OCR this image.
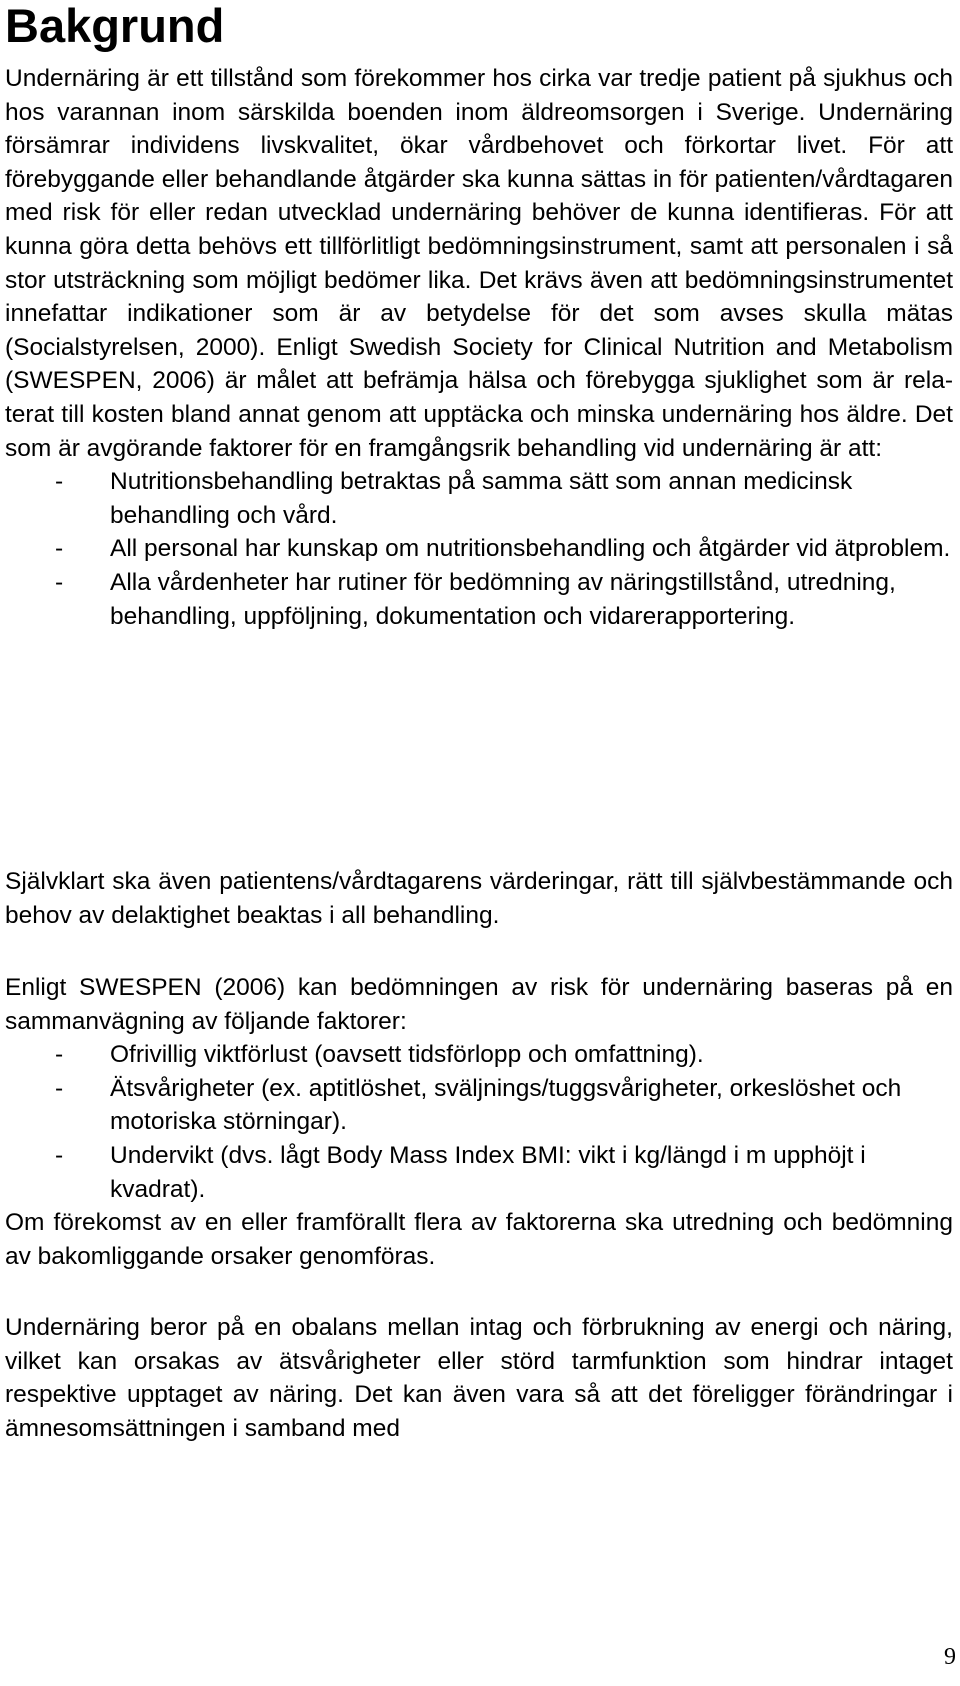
Bakgrund

Undernäring är ett tillstånd som förekommer hos cirka var tredje patient på sjukhus och hos varannan inom särskilda boenden inom äldreomsorgen i Sverige. Undernäring försämrar individens livskvalitet, ökar vårdbehovet och förkortar livet. För att förebyggande eller behandlande åtgärder ska kunna sättas in för patienten/vårdtagaren med risk för eller redan utvecklad undernäring behöver de kunna identifieras. För att kunna göra detta behövs ett tillförlitligt bedömningsinstrument, samt att personalen i så stor utsträckning som möjligt bedömer lika. Det krävs även att bedömningsinstrumentet innefattar indikationer som är av betydelse för det som avses skulla mätas (Socialstyrelsen, 2000). Enligt Swedish Society for Clinical Nutrition and Metabolism (SWESPEN, 2006) är målet att befrämja hälsa och förebygga sjuklighet som är relaterat till kosten bland annat genom att upptäcka och minska undernäring hos äldre. Det som är avgörande faktorer för en framgångsrik behandling vid undernäring är att:

- Nutritionsbehandling betraktas på samma sätt som annan medicinsk behandling och vård.
- All personal har kunskap om nutritionsbehandling och åtgärder vid ätproblem.
- Alla vårdenheter har rutiner för bedömning av näringstillstånd, utredning, behandling, uppföljning, dokumentation och vidarerapportering.

Självklart ska även patientens/vårdtagarens värderingar, rätt till självbestämmande och behov av delaktighet beaktas i all behandling.

Enligt SWESPEN (2006) kan bedömningen av risk för undernäring baseras på en sammanvägning av följande faktorer:

- Ofrivillig viktförlust (oavsett tidsförlopp och omfattning).
- Ätsvårigheter (ex. aptitlöshet, sväljnings/tuggsvårigheter, orkeslöshet och motoriska störningar).
- Undervikt (dvs. lågt Body Mass Index BMI: vikt i kg/längd i m upphöjt i kvadrat).

Om förekomst av en eller framförallt flera av faktorerna ska utredning och bedömning av bakomliggande orsaker genomföras.

Undernäring beror på en obalans mellan intag och förbrukning av energi och näring, vilket kan orsakas av ätsvårigheter eller störd tarmfunktion som hindrar intaget respektive upptaget av näring. Det kan även vara så att det föreligger förändringar i ämnesomsättningen i samband med

9
